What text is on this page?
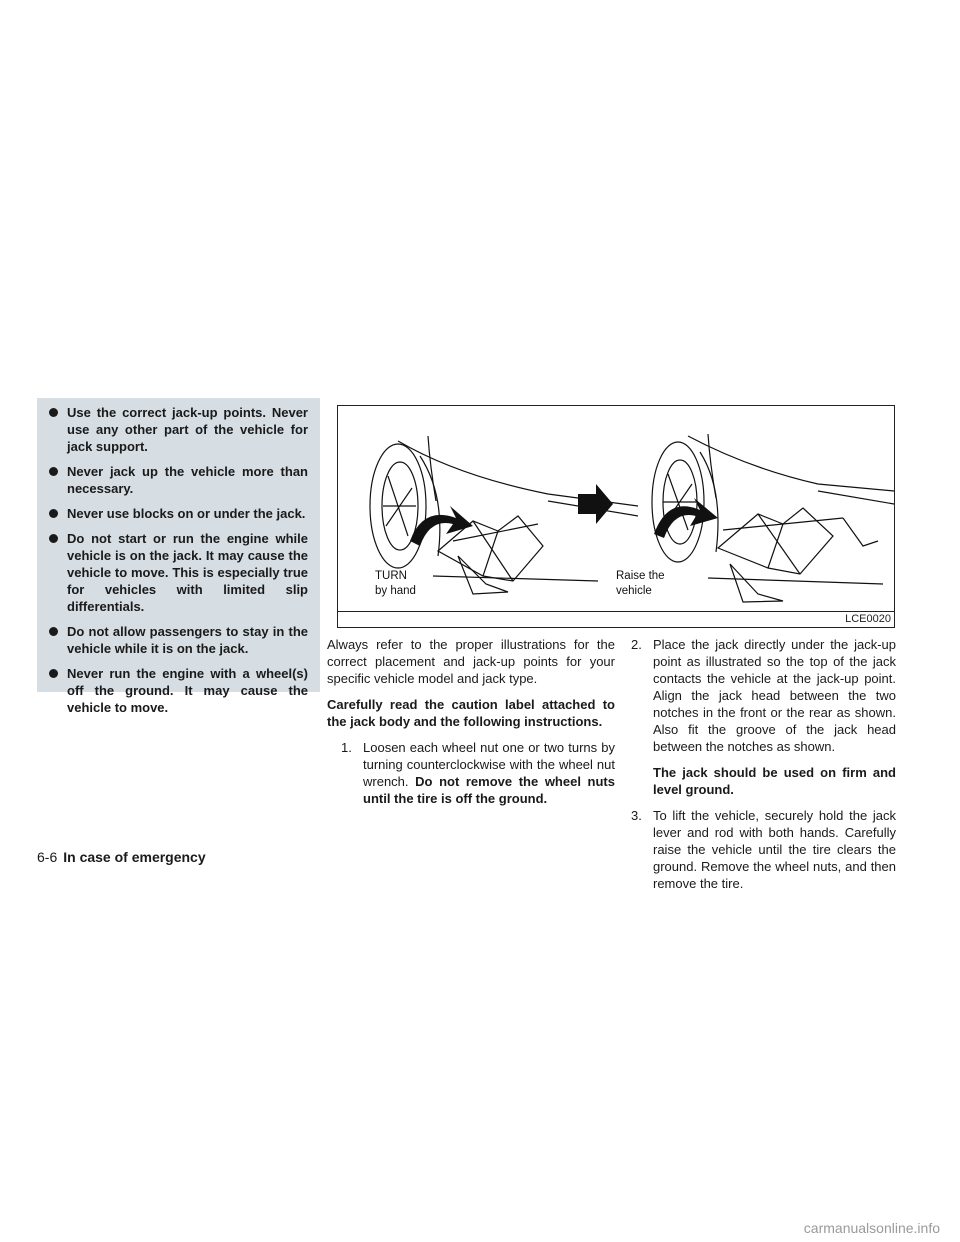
Use the correct jack-up points. Never use any other part of the vehicle for jack support.
Never jack up the vehicle more than necessary.
Never use blocks on or under the jack.
Do not start or run the engine while vehicle is on the jack. It may cause the vehicle to move. This is especially true for vehicles with limited slip differentials.
Do not allow passengers to stay in the vehicle while it is on the jack.
Never run the engine with a wheel(s) off the ground. It may cause the vehicle to move.
TURN
by hand
Raise the
vehicle
LCE0020

Always refer to the proper illustrations for the correct placement and jack-up points for your specific vehicle model and jack type.

Carefully read the caution label attached to the jack body and the following instructions.

1. Loosen each wheel nut one or two turns by turning counterclockwise with the wheel nut wrench. Do not remove the wheel nuts until the tire is off the ground.
2. Place the jack directly under the jack-up point as illustrated so the top of the jack contacts the vehicle at the jack-up point. Align the jack head between the two notches in the front or the rear as shown. Also fit the groove of the jack head between the notches as shown.
The jack should be used on firm and level ground.
3. To lift the vehicle, securely hold the jack lever and rod with both hands. Carefully raise the vehicle until the tire clears the ground. Remove the wheel nuts, and then remove the tire.
6-6 In case of emergency
carmanualsonline.info
